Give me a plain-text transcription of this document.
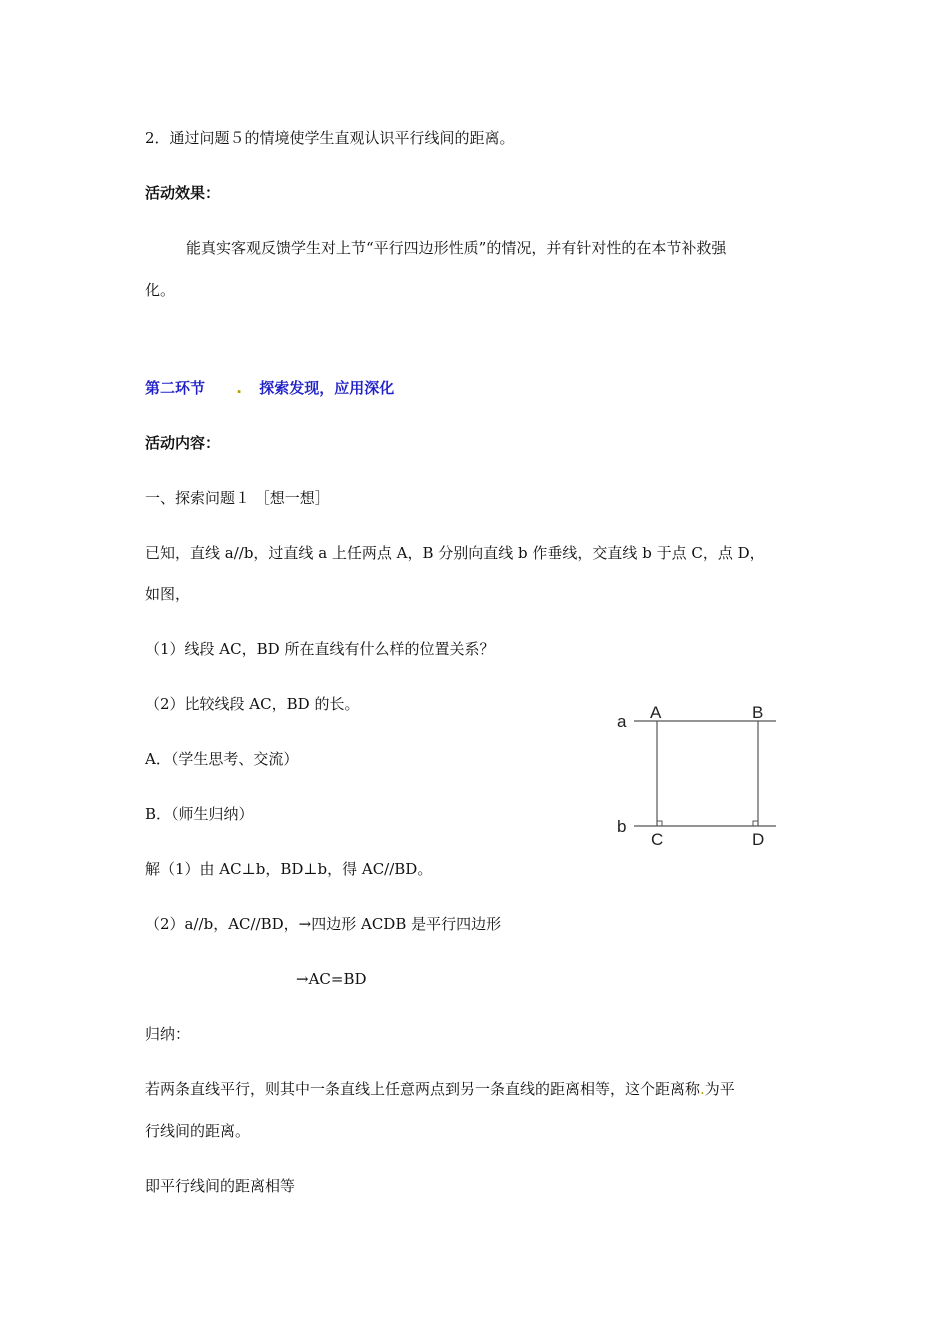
2．通过问题５的情境使学生直观认识平行线间的距离。
活动效果：
能真实客观反馈学生对上节“平行四边形性质”的情况，并有针对性的在本节补救强
化。
第二环节 . 探索发现，应用深化
活动内容：
一、探索问题１ ［想一想］
已知，直线 a//b，过直线 a 上任两点 A，B 分别向直线 b 作垂线，交直线 b 于点 C，点 D，
如图，
（1）线段 AC，BD 所在直线有什么样的位置关系？
（2）比较线段 AC，BD 的长。
A．（学生思考、交流）
B．（师生归纳）
解（1）由 AC⊥b，BD⊥b，得 AC//BD。
（2）a//b，AC//BD，→四边形 ACDB 是平行四边形
→AC=BD
归纳：
若两条直线平行，则其中一条直线上任意两点到另一条直线的距离相等，这个距离称.为平
行线间的距离。
即平行线间的距离相等
a
b
A	B
C	D
